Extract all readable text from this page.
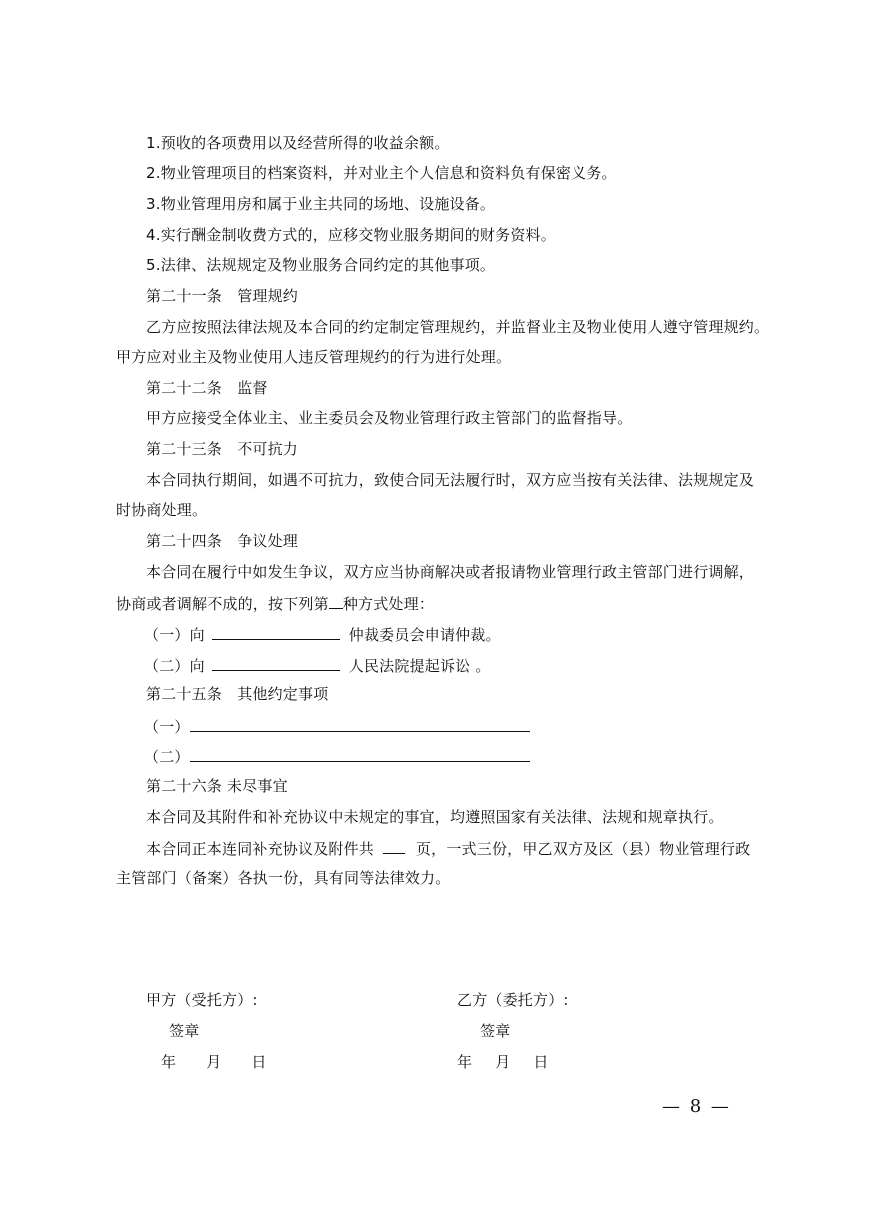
1.预收的各项费用以及经营所得的收益余额。
2.物业管理项目的档案资料，并对业主个人信息和资料负有保密义务。
3.物业管理用房和属于业主共同的场地、设施设备。
4.实行酬金制收费方式的，应移交物业服务期间的财务资料。
5.法律、法规规定及物业服务合同约定的其他事项。
第二十一条　管理规约
乙方应按照法律法规及本合同的约定制定管理规约，并监督业主及物业使用人遵守管理规约。
甲方应对业主及物业使用人违反管理规约的行为进行处理。
第二十二条　监督
甲方应接受全体业主、业主委员会及物业管理行政主管部门的监督指导。
第二十三条　不可抗力
本合同执行期间，如遇不可抗力，致使合同无法履行时，双方应当按有关法律、法规规定及
时协商处理。
第二十四条　争议处理
本合同在履行中如发生争议，双方应当协商解决或者报请物业管理行政主管部门进行调解，
协商或者调解不成的，按下列第 种方式处理：
（一）向	仲裁委员会申请仲裁。
（二）向	人民法院提起诉讼 。
第二十五条　其他约定事项
（一）
（二）
第二十六条 未尽事宜
本合同及其附件和补充协议中未规定的事宜，均遵照国家有关法律、法规和规章执行。
本合同正本连同补充协议及附件共	页，一式三份，甲乙双方及区（县）物业管理行政
主管部门（备案）各执一份，具有同等法律效力。
甲方（受托方）:
签章
年 月 日
乙方（委托方）:
签章
年 月 日
— 8 —
